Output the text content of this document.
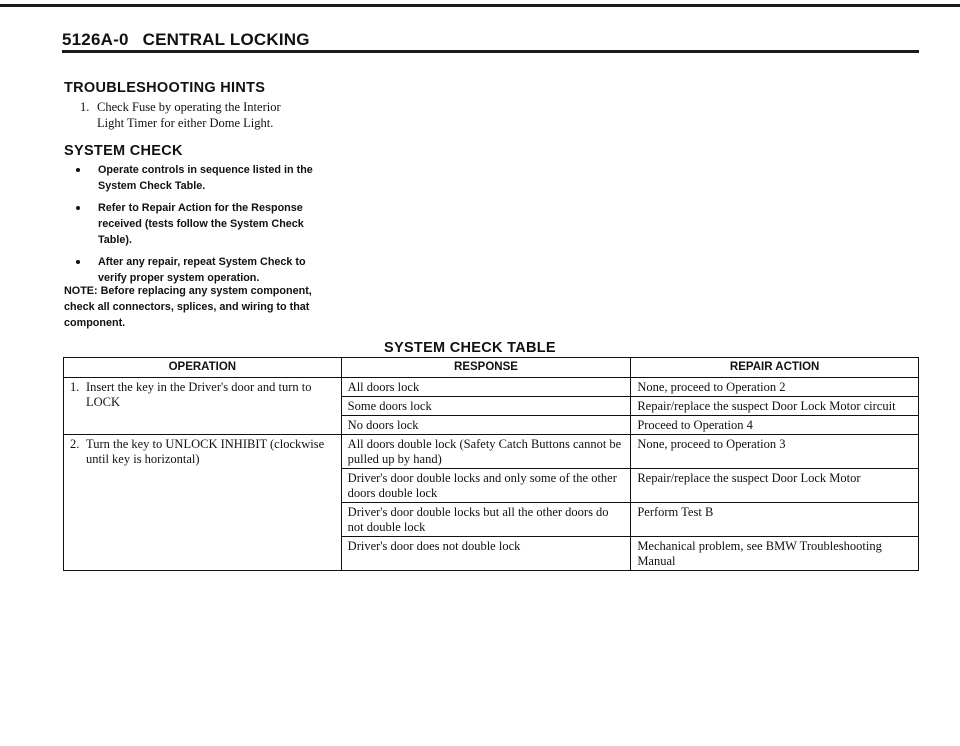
5126A-0 CENTRAL LOCKING
TROUBLESHOOTING HINTS
1. Check Fuse by operating the Interior
Light Timer for either Dome Light.
SYSTEM CHECK
Operate controls in sequence listed in the System Check Table.
Refer to Repair Action for the Response received (tests follow the System Check Table).
After any repair, repeat System Check to verify proper system operation.
NOTE: Before replacing any system component, check all connectors, splices, and wiring to that component.
SYSTEM CHECK TABLE
OPERATION	RESPONSE	REPAIR ACTION

1. Insert the key in the Driver's door and turn to LOCK	All doors lock	None, proceed to Operation 2
	Some doors lock	Repair/replace the suspect Door Lock Motor circuit
	No doors lock	Proceed to Operation 4

2. Turn the key to UNLOCK INHIBIT (clockwise until key is horizontal)	All doors double lock (Safety Catch Buttons cannot be pulled up by hand)	None, proceed to Operation 3
	Driver's door double locks and only some of the other doors double lock	Repair/replace the suspect Door Lock Motor
	Driver's door double locks but all the other doors do not double lock	Perform Test B
	Driver's door does not double lock	Mechanical problem, see BMW Troubleshooting Manual
